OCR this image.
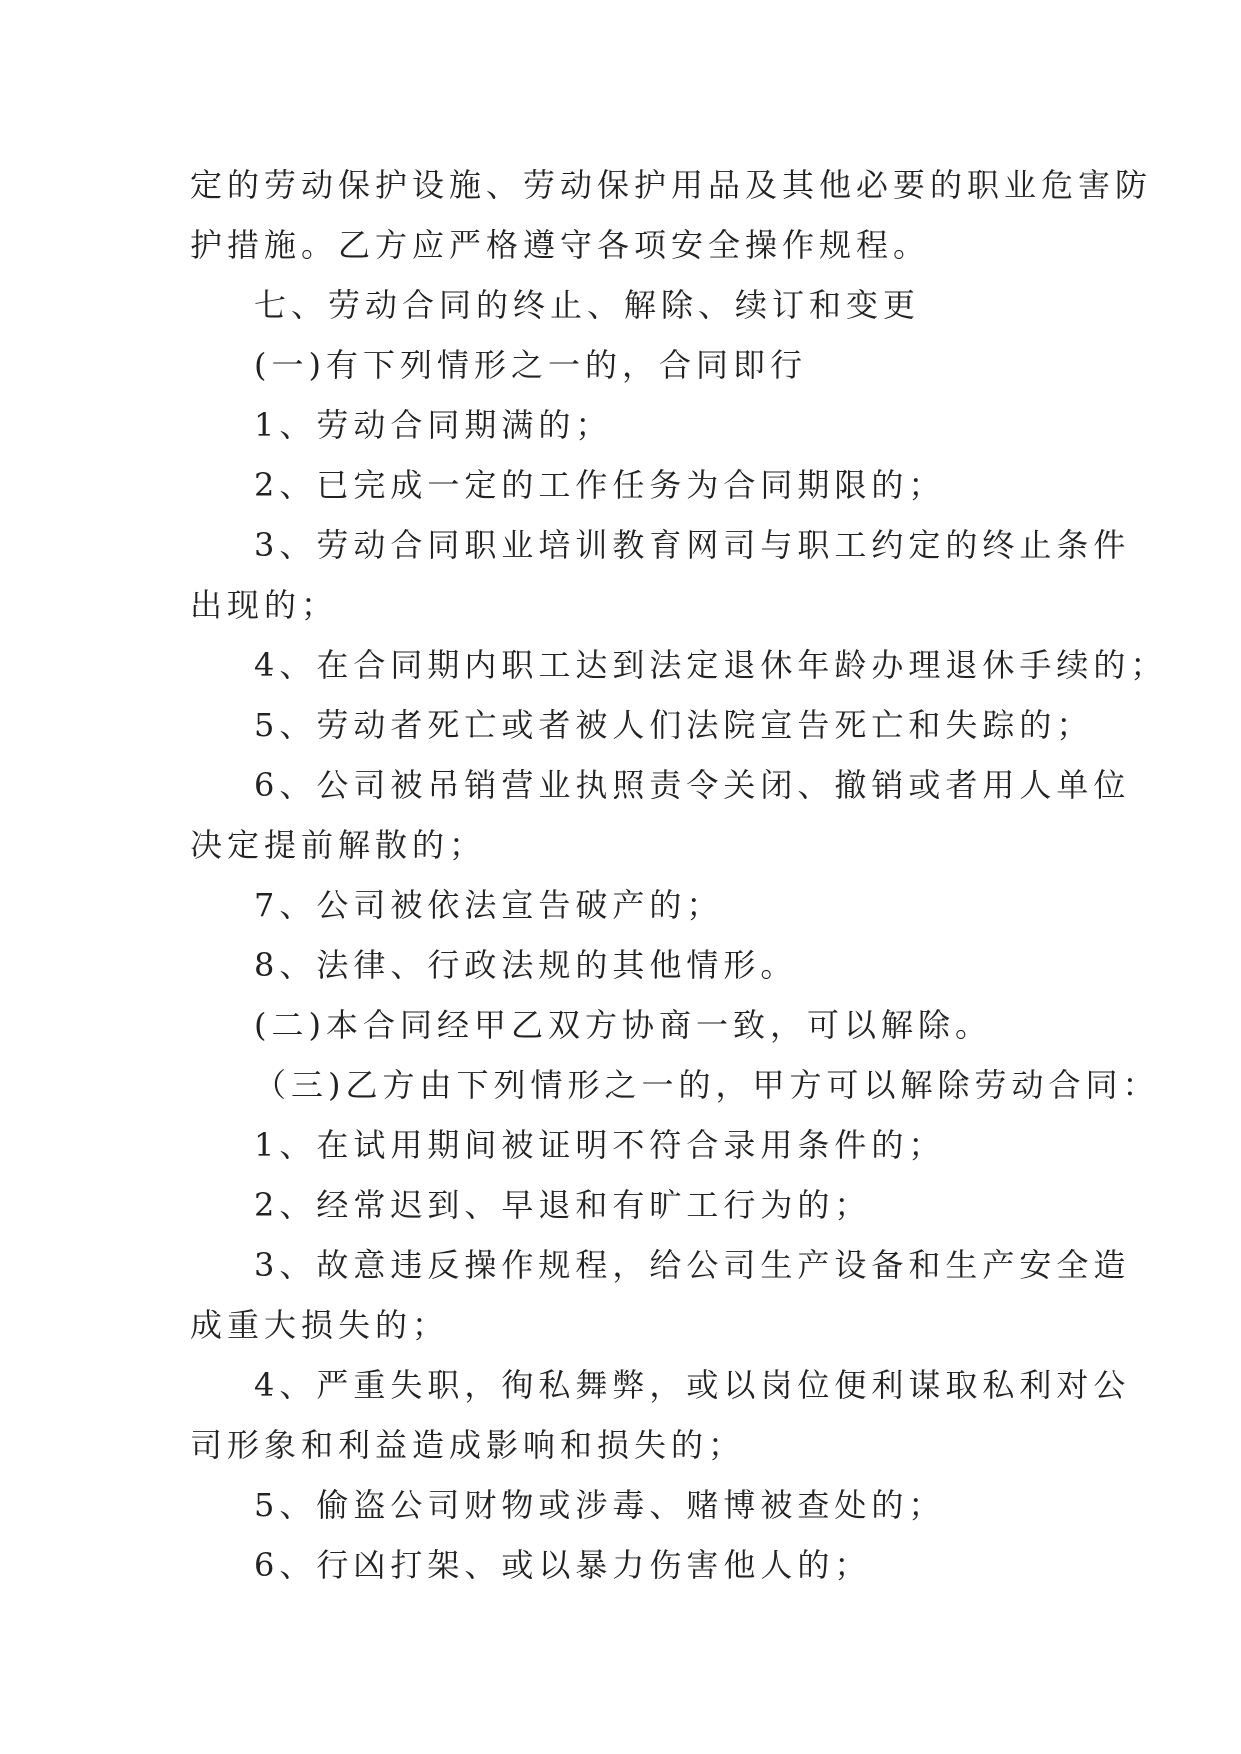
定的劳动保护设施、劳动保护用品及其他必要的职业危害防

护措施。乙方应严格遵守各项安全操作规程。

七、劳动合同的终止、解除、续订和变更

(一)有下列情形之一的，合同即行

1、劳动合同期满的；

2、已完成一定的工作任务为合同期限的；

3、劳动合同职业培训教育网司与职工约定的终止条件

出现的；

4、在合同期内职工达到法定退休年龄办理退休手续的；

5、劳动者死亡或者被人们法院宣告死亡和失踪的；

6、公司被吊销营业执照责令关闭、撤销或者用人单位

决定提前解散的；

7、公司被依法宣告破产的；

8、法律、行政法规的其他情形。

(二)本合同经甲乙双方协商一致，可以解除。

（三)乙方由下列情形之一的，甲方可以解除劳动合同：

1、在试用期间被证明不符合录用条件的；

2、经常迟到、早退和有旷工行为的；

3、故意违反操作规程，给公司生产设备和生产安全造

成重大损失的；

4、严重失职，徇私舞弊，或以岗位便利谋取私利对公

司形象和利益造成影响和损失的；

5、偷盗公司财物或涉毒、赌博被查处的；

6、行凶打架、或以暴力伤害他人的；
